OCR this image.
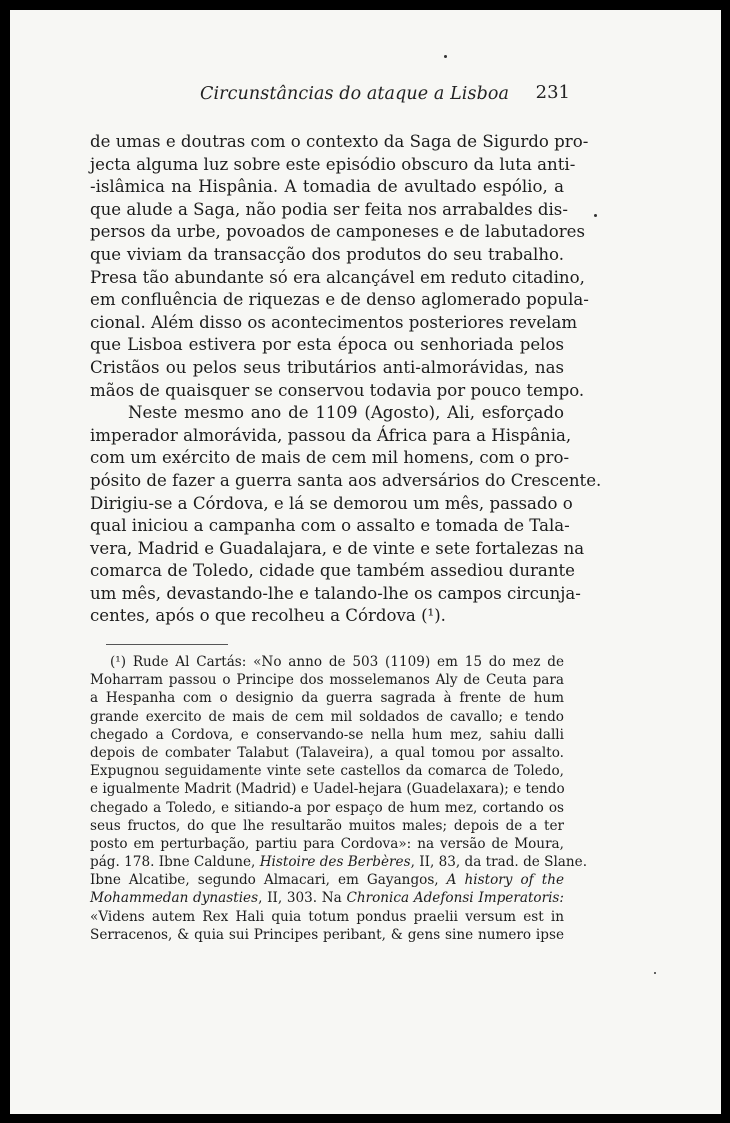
Circunstâncias do ataque a Lisboa 231
de umas e doutras com o contexto da Saga de Sigurdo pro-
jecta alguma luz sobre este episódio obscuro da luta anti-
-islâmica na Hispânia. A tomadia de avultado espólio, a
que alude a Saga, não podia ser feita nos arrabaldes dis-
persos da urbe, povoados de camponeses e de labutadores
que viviam da transacção dos produtos do seu trabalho.
Presa tão abundante só era alcançável em reduto citadino,
em confluência de riquezas e de denso aglomerado popula-
cional. Além disso os acontecimentos posteriores revelam
que Lisboa estivera por esta época ou senhoriada pelos
Cristãos ou pelos seus tributários anti-almorávidas, nas
mãos de quaisquer se conservou todavia por pouco tempo.
Neste mesmo ano de 1109 (Agosto), Ali, esforçado
imperador almorávida, passou da África para a Hispânia,
com um exército de mais de cem mil homens, com o pro-
pósito de fazer a guerra santa aos adversários do Crescente.
Dirigiu-se a Córdova, e lá se demorou um mês, passado o
qual iniciou a campanha com o assalto e tomada de Tala-
vera, Madrid e Guadalajara, e de vinte e sete fortalezas na
comarca de Toledo, cidade que também assediou durante
um mês, devastando-lhe e talando-lhe os campos circunja-
centes, após o que recolheu a Córdova (¹).
(¹) Rude Al Cartás: «No anno de 503 (1109) em 15 do mez de
Moharram passou o Principe dos mosselemanos Aly de Ceuta para
a Hespanha com o designio da guerra sagrada à frente de hum
grande exercito de mais de cem mil soldados de cavallo; e tendo
chegado a Cordova, e conservando-se nella hum mez, sahiu dalli
depois de combater Talabut (Talaveira), a qual tomou por assalto.
Expugnou seguidamente vinte sete castellos da comarca de Toledo,
e igualmente Madrit (Madrid) e Uadel-hejara (Guadelaxara); e tendo
chegado a Toledo, e sitiando-a por espaço de hum mez, cortando os
seus fructos, do que lhe resultarão muitos males; depois de a ter
posto em perturbação, partiu para Cordova»: na versão de Moura,
pág. 178. Ibne Caldune, Histoire des Berbères, II, 83, da trad. de Slane.
Ibne Alcatibe, segundo Almacari, em Gayangos, A history of the
Mohammedan dynasties, II, 303. Na Chronica Adefonsi Imperatoris:
«Videns autem Rex Hali quia totum pondus praelii versum est in
Serracenos, & quia sui Principes peribant, & gens sine numero ipse
